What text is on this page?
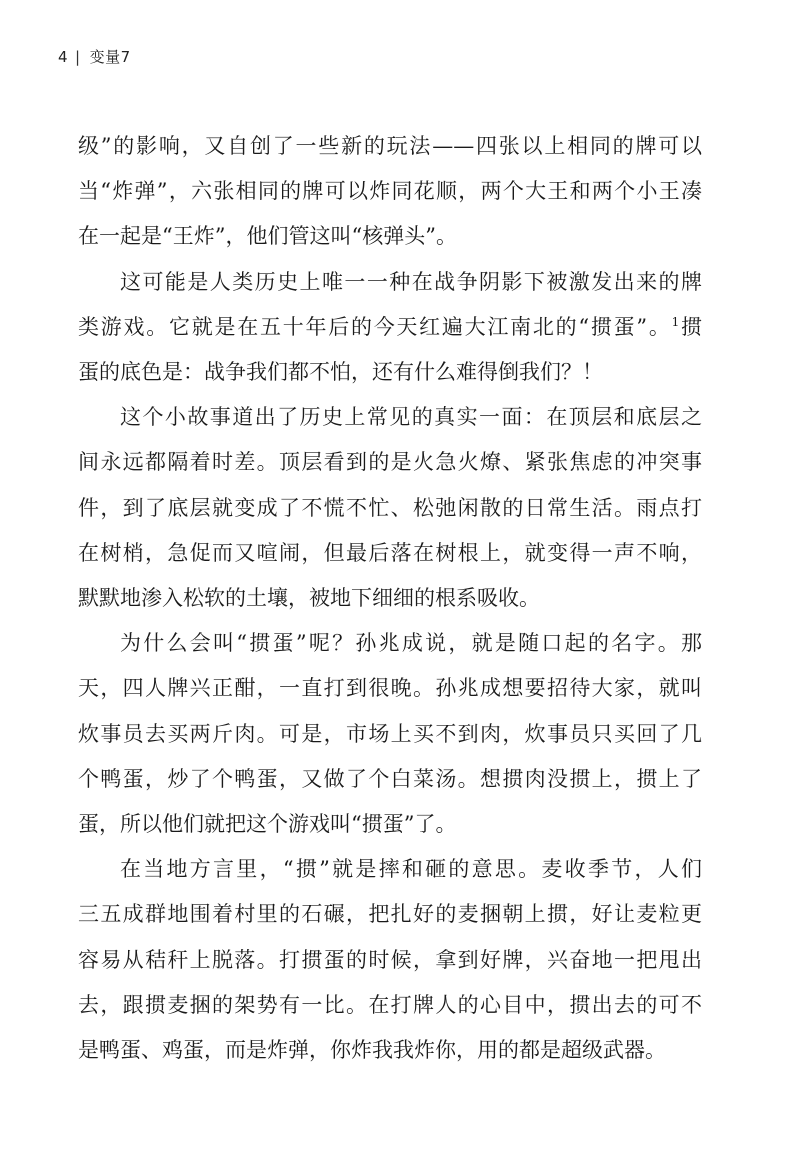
4 | 变量7

级”的影响，又自创了一些新的玩法——四张以上相同的牌可以
当“炸弹”，六张相同的牌可以炸同花顺，两个大王和两个小王凑
在一起是“王炸”，他们管这叫“核弹头”。

这可能是人类历史上唯一一种在战争阴影下被激发出来的牌
类游戏。它就是在五十年后的今天红遍大江南北的“掼蛋”。$^1$掼
蛋的底色是：战争我们都不怕，还有什么难得倒我们？！

这个小故事道出了历史上常见的真实一面：在顶层和底层之
间永远都隔着时差。顶层看到的是火急火燎、紧张焦虑的冲突事
件，到了底层就变成了不慌不忙、松弛闲散的日常生活。雨点打
在树梢，急促而又喧闹，但最后落在树根上，就变得一声不响，
默默地渗入松软的土壤，被地下细细的根系吸收。

为什么会叫“掼蛋”呢？孙兆成说，就是随口起的名字。那
天，四人牌兴正酣，一直打到很晚。孙兆成想要招待大家，就叫
炊事员去买两斤肉。可是，市场上买不到肉，炊事员只买回了几
个鸭蛋，炒了个鸭蛋，又做了个白菜汤。想掼肉没掼上，掼上了
蛋，所以他们就把这个游戏叫“掼蛋”了。

在当地方言里，“掼”就是摔和砸的意思。麦收季节，人们
三五成群地围着村里的石碾，把扎好的麦捆朝上掼，好让麦粒更
容易从秸秆上脱落。打掼蛋的时候，拿到好牌，兴奋地一把甩出
去，跟掼麦捆的架势有一比。在打牌人的心目中，掼出去的可不
是鸭蛋、鸡蛋，而是炸弹，你炸我我炸你，用的都是超级武器。
